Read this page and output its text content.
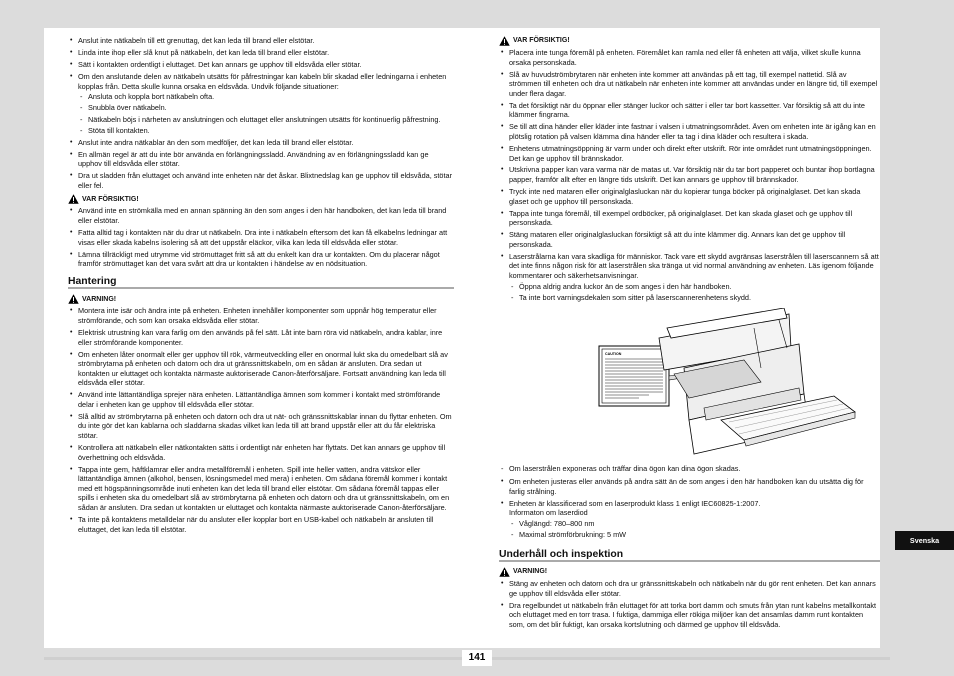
• Anslut inte nätkabeln till ett grenuttag, det kan leda till brand eller elstötar.
• Linda inte ihop eller slå knut på nätkabeln, det kan leda till brand eller elstötar.
• Sätt i kontakten ordentligt i eluttaget. Det kan annars ge upphov till eldsvåda eller stötar.
• Om den anslutande delen av nätkabeln utsätts för påfrestningar kan kabeln blir skadad eller ledningarna i enheten kopplas från. Detta skulle kunna orsaka en eldsvåda. Undvik följande situationer:
- Ansluta och koppla bort nätkabeln ofta.
- Snubbla över nätkabeln.
- Nätkabeln böjs i närheten av anslutningen och eluttaget eller anslutningen utsätts för kontinuerlig påfrestning.
- Stöta till kontakten.
• Anslut inte andra nätkablar än den som medföljer, det kan leda till brand eller elstötar.
• En allmän regel är att du inte bör använda en förlängningssladd. Användning av en förlängningssladd kan ge upphov till eldsvåda eller stötar.
• Dra ut sladden från eluttaget och använd inte enheten när det åskar. Blixtnedslag kan ge upphov till eldsvåda, stötar eller fel.
VAR FÖRSIKTIG!
• Använd inte en strömkälla med en annan spänning än den som anges i den här handboken, det kan leda till brand eller elstötar.
• Fatta alltid tag i kontakten när du drar ut nätkabeln. Dra inte i nätkabeln eftersom det kan få elkabelns ledningar att visas eller skada kabelns isolering så att det uppstår eläckor, vilka kan leda till eldsvåda eller stötar.
• Lämna tillräckligt med utrymme vid strömuttaget fritt så att du enkelt kan dra ur kontakten. Om du placerar något framför strömuttaget kan det vara svårt att dra ur kontakten i händelse av en nödsituation.
Hantering
VARNING!
• Montera inte isär och ändra inte på enheten. Enheten innehåller komponenter som uppnår hög temperatur eller strömförande, och som kan orsaka eldsvåda eller stötar.
• Elektrisk utrustning kan vara farlig om den används på fel sätt. Låt inte barn röra vid nätkabeln, andra kablar, inre eller strömförande komponenter.
• Om enheten låter onormalt eller ger upphov till rök, värmeutveckling eller en onormal lukt ska du omedelbart slå av strömbrytarna på enheten och datorn och dra ut gränssnittskabeln, om en sådan är ansluten. Dra sedan ut kontakten ur eluttaget och kontakta närmaste auktoriserade Canon-återförsäljare. Fortsatt användning kan leda till eldsvåda eller stötar.
• Använd inte lättantändliga sprejer nära enheten. Lättantändliga ämnen som kommer i kontakt med strömförande delar i enheten kan ge upphov till eldsvåda eller stötar.
• Slå alltid av strömbrytarna på enheten och datorn och dra ut nät- och gränssnittskablar innan du flyttar enheten. Om du inte gör det kan kablarna och sladdarna skadas vilket kan leda till att brand uppstår eller att du får elektriska stötar.
• Kontrollera att nätkabeln eller nätkontakten sätts i ordentligt när enheten har flyttats. Det kan annars ge upphov till överhettning och eldsvåda.
• Tappa inte gem, häftklamrar eller andra metallföremål i enheten. Spill inte heller vatten, andra vätskor eller lättantändliga ämnen (alkohol, bensen, lösningsmedel med mera) i enheten. Om sådana föremål kommer i kontakt med ett högspänningsområde inuti enheten kan det leda till brand eller elstötar. Om sådana föremål tappas eller spills i enheten ska du omedelbart slå av strömbrytarna på enheten och datorn och dra ut gränssnittskabeln, om en sådan är ansluten. Dra sedan ut kontakten ur eluttaget och kontakta närmaste auktoriserade Canon-återförsäljare.
• Ta inte på kontaktens metalldelar när du ansluter eller kopplar bort en USB-kabel och nätkabeln är ansluten till eluttaget, det kan leda till elstötar.
VAR FÖRSIKTIG!
• Placera inte tunga föremål på enheten. Föremålet kan ramla ned eller få enheten att välja, vilket skulle kunna orsaka personskada.
• Slå av huvudströmbrytaren när enheten inte kommer att användas på ett tag, till exempel nattetid. Slå av strömmen till enheten och dra ut nätkabeln när enheten inte kommer att användas under en längre tid, till exempel under flera dagar.
• Ta det försiktigt när du öppnar eller stänger luckor och sätter i eller tar bort kassetter. Var försiktig så att du inte klämmer fingrarna.
• Se till att dina händer eller kläder inte fastnar i valsen i utmatningsområdet. Även om enheten inte är igång kan en plötslig rotation på valsen klämma dina händer eller ta tag i dina kläder och resultera i skada.
• Enhetens utmatningsöppning är varm under och direkt efter utskrift. Rör inte området runt utmatningsöppningen. Det kan ge upphov till brännskador.
• Utskrivna papper kan vara varma när de matas ut. Var försiktig när du tar bort papperet och buntar ihop bortlagna papper, framför allt efter en längre tids utskrift. Det kan annars ge upphov till brännskador.
• Tryck inte ned mataren eller originalglasluckan när du kopierar tunga böcker på originalglaset. Det kan skada glaset och ge upphov till personskada.
• Tappa inte tunga föremål, till exempel ordböcker, på originalglaset. Det kan skada glaset och ge upphov till personskada.
• Stäng mataren eller originalglasluckan försiktigt så att du inte klämmer dig. Annars kan det ge upphov till personskada.
• Laserstrålarna kan vara skadliga för människor. Tack vare ett skydd avgränsas laserstrålen till laserscannern så att det inte finns någon risk för att laserstrålen ska tränga ut vid normal användning av enheten. Läs igenom följande kommentarer och säkerhetsanvisningar.
- Öppna aldrig andra luckor än de som anges i den här handboken.
- Ta inte bort varningsdekalen som sitter på laserscannerenhetens skydd.
CAUTION
- Om laserstrålen exponeras och träffar dina ögon kan dina ögon skadas.
• Om enheten justeras eller används på andra sätt än de som anges i den här handboken kan du utsätta dig för farlig strålning.
• Enheten är klassificerad som en laserprodukt klass 1 enligt IEC60825-1:2007.
Informaton om laserdiod
- Våglängd: 780–800 nm
- Maximal strömförbrukning: 5 mW
Underhåll och inspektion
VARNING!
• Stäng av enheten och datorn och dra ur gränssnittskabeln och nätkabeln när du gör rent enheten. Det kan annars ge upphov till eldsvåda eller stötar.
• Dra regelbundet ut nätkabeln från eluttaget för att torka bort damm och smuts från ytan runt kabelns metallkontakt och eluttaget med en torr trasa. I fuktiga, dammiga eller rökiga miljöer kan det ansamlas damm runt kontakten som, om det blir fuktigt, kan orsaka kortslutning och därmed ge upphov till eldsvåda.
141
Svenska
